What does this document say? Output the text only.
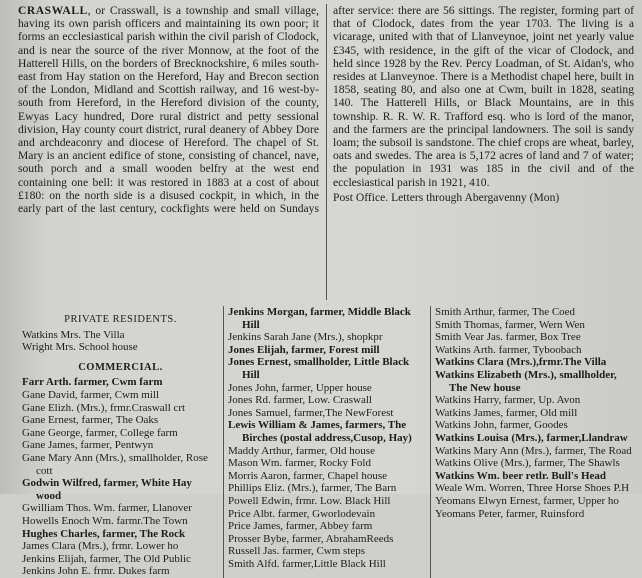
CRASWALL, or Crasswall, is a township and small village, having its own parish officers and maintaining its own poor; it forms an ecclesiastical parish within the civil parish of Clodock, and is near the source of the river Monnow, at the foot of the Hatterell Hills, on the borders of Brecknockshire, 6 miles south-east from Hay station on the Hereford, Hay and Brecon section of the London, Midland and Scottish railway, and 16 west-by-south from Hereford, in the Hereford division of the county, Ewyas Lacy hundred, Dore rural district and petty sessional division, Hay county court district, rural deanery of Abbey Dore and archdeaconry and diocese of Hereford. The chapel of St. Mary is an ancient edifice of stone, consisting of chancel, nave, south porch and a small wooden belfry at the west end containing one bell: it was restored in 1883 at a cost of about £180: on the north side is a disused cockpit, in which, in the early part of the last century, cockfights were held on Sundays after service: there are 56 sittings. The register, forming part of that of Clodock, dates from the year 1703. The living is a vicarage, united with that of Llanveynoe, joint net yearly value £345, with residence, in the gift of the vicar of Clodock, and held since 1928 by the Rev. Percy Loadman, of St. Aidan's, who resides at Llanveynoe. There is a Methodist chapel here, built in 1858, seating 80, and also one at Cwm, built in 1828, seating 140. The Hatterell Hills, or Black Mountains, are in this township. R. R. W. R. Trafford esq. who is lord of the manor, and the farmers are the principal landowners. The soil is sandy loam; the subsoil is sandstone. The chief crops are wheat, barley, oats and swedes. The area is 5,172 acres of land and 7 of water; the population in 1931 was 185 in the civil and of the ecclesiastical parish in 1921, 410.

Post Office. Letters through Abergavenny (Mon)

PRIVATE RESIDENTS.

Watkins Mrs. The Villa

Wright Mrs. School house

COMMERCIAL.

Farr Arth. farmer, Cwm farm

Gane David, farmer, Cwm mill

Gane Elizh. (Mrs.), frmr.Craswall crt

Gane Ernest, farmer, The Oaks

Gane George, farmer, College farm

Gane James, farmer, Pentwyn

Gane Mary Ann (Mrs.), smallholder, Rose cott

Godwin Wilfred, farmer, White Hay wood

Gwilliam Thos. Wm. farmer, Llanover

Howells Enoch Wm. farmr.The Town

Hughes Charles, farmer, The Rock

James Clara (Mrs.), frmr. Lower ho

Jenkins Elijah, farmer, The Old Public

Jenkins John E. frmr. Dukes farm

Jenkins Morgan, farmer, Middle Black Hill

Jenkins Sarah Jane (Mrs.), shopkpr

Jones Elijah, farmer, Forest mill

Jones Ernest, smallholder, Little Black Hill

Jones John, farmer, Upper house

Jones Rd. farmer, Low. Craswall

Jones Samuel, farmer,The NewForest

Lewis William & James, farmers, The Birches (postal address,Cusop, Hay)

Maddy Arthur, farmer, Old house

Mason Wm. farmer, Rocky Fold

Morris Aaron, farmer, Chapel house

Phillips Eliz. (Mrs.), farmer, The Barn

Powell Edwin, frmr. Low. Black Hill

Price Albt. farmer, Gworlodevain

Price James, farmer, Abbey farm

Prosser Bybe, farmer, AbrahamReeds

Russell Jas. farmer, Cwm steps

Smith Alfd. farmer,Little Black Hill

Smith Arthur, farmer, The Coed

Smith Thomas, farmer, Wern Wen

Smith Vear Jas. farmer, Box Tree

Watkins Arth. farmer, Tyboobach

Watkins Clara (Mrs.),frmr.The Villa

Watkins Elizabeth (Mrs.), smallholder, The New house

Watkins Harry, farmer, Up. Avon

Watkins James, farmer, Old mill

Watkins John, farmer, Goodes

Watkins Louisa (Mrs.), farmer,Llandraw

Watkins Mary Ann (Mrs.), farmer, The Road

Watkins Olive (Mrs.), farmer, The Shawls

Watkins Wm. beer retlr. Bull's Head

Weale Wm. Worren, Three Horse Shoes P.H

Yeomans Elwyn Ernest, farmer, Upper ho

Yeomans Peter, farmer, Ruinsford
